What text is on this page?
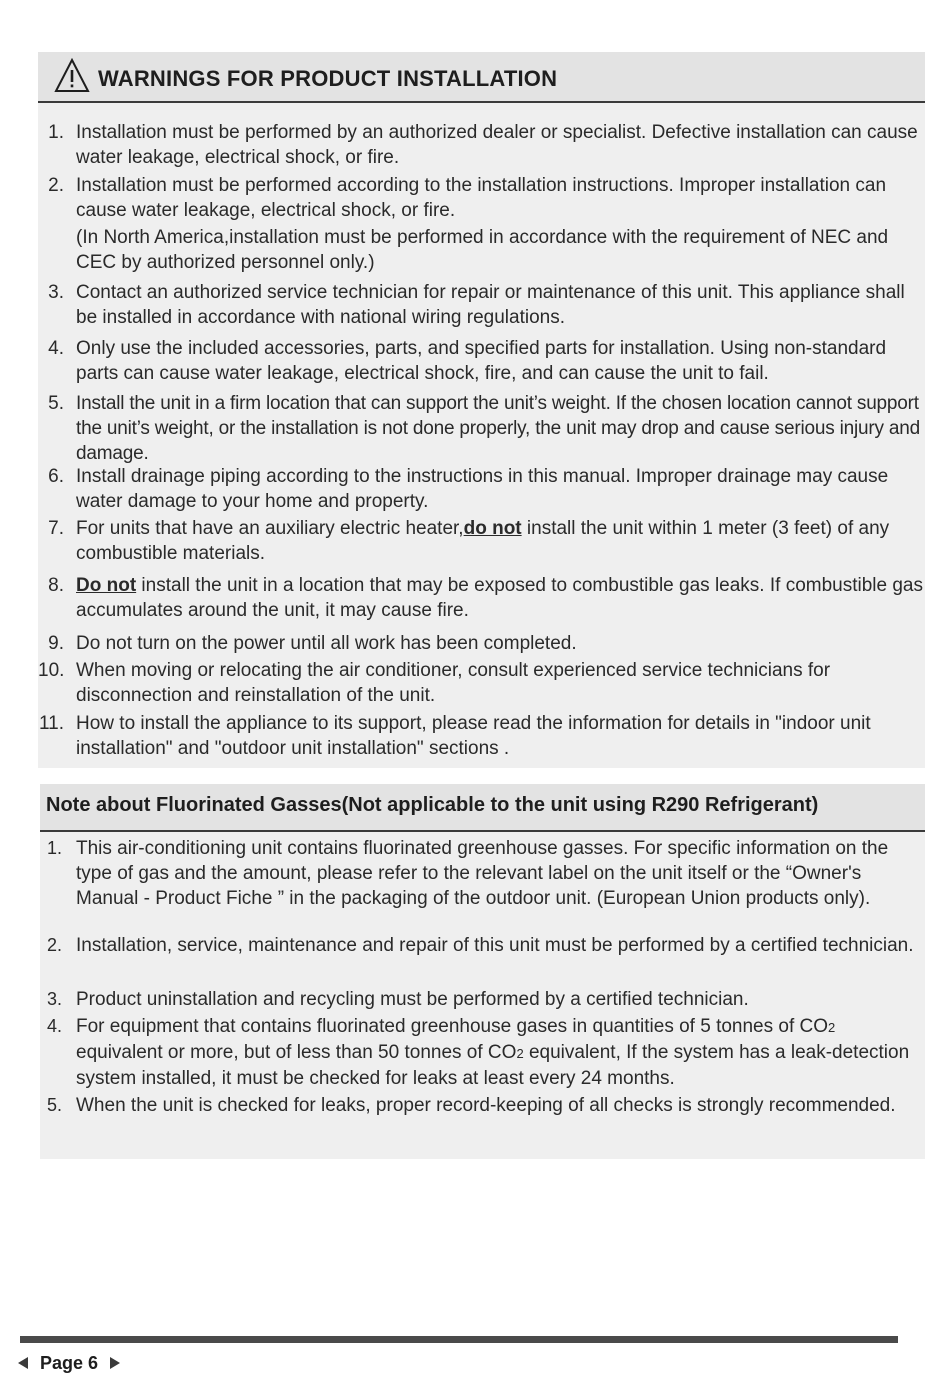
WARNINGS FOR PRODUCT INSTALLATION
1. Installation must be performed by an authorized dealer or specialist. Defective installation can cause water leakage, electrical shock, or fire.
2. Installation must be performed according to the installation instructions. Improper installation can cause water leakage, electrical shock, or fire.
(In North America,installation must be performed in accordance with the requirement of NEC and CEC by authorized personnel only.)
3. Contact an authorized service technician for repair or maintenance of this unit. This appliance shall be installed in accordance with national wiring regulations.
4. Only use the included accessories, parts, and specified parts for installation. Using non-standard parts can cause water leakage, electrical shock, fire, and can cause the unit to fail.
5. Install the unit in a firm location that can support the unit’s weight. If the chosen location cannot support the unit’s weight, or the installation is not done properly, the unit may drop and cause serious injury and damage.
6. Install drainage piping according to the instructions in this manual. Improper drainage may cause water damage to your home and property.
7. For units that have an auxiliary electric heater,do not install the unit within 1 meter (3 feet) of any combustible materials.
8. Do not install the unit in a location that may be exposed to combustible gas leaks. If combustible gas accumulates around the unit, it may cause fire.
9. Do not turn on the power until all work has been completed.
10. When moving or relocating the air conditioner, consult experienced service technicians for disconnection and reinstallation of the unit.
11. How to install the appliance to its support, please read the information for details in "indoor unit installation" and "outdoor unit installation" sections .
Note about Fluorinated Gasses(Not applicable to the unit using R290 Refrigerant)
1. This air-conditioning unit contains fluorinated greenhouse gasses. For specific information on the type of gas and the amount, please refer to the relevant label on the unit itself or the “Owner's Manual - Product Fiche ” in the packaging of the outdoor unit. (European Union products only).
2. Installation, service, maintenance and repair of this unit must be performed by a certified technician.
3. Product uninstallation and recycling must be performed by a certified technician.
4. For equipment that contains fluorinated greenhouse gases in quantities of 5 tonnes of CO2 equivalent or more, but of less than 50 tonnes of CO2 equivalent, If the system has a leak-detection system installed, it must be checked for leaks at least every 24 months.
5. When the unit is checked for leaks, proper record-keeping of all checks is strongly recommended.
Page 6
